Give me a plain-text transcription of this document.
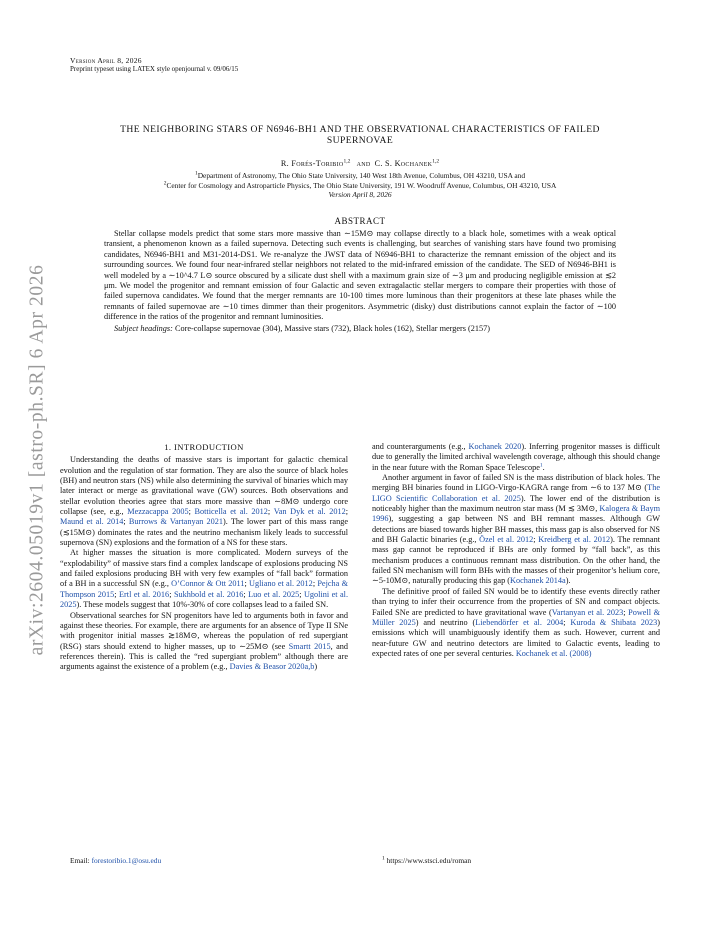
arXiv:2604.05019v1 [astro-ph.SR] 6 Apr 2026
Version April 8, 2026
Preprint typeset using LATEX style openjournal v. 09/06/15
THE NEIGHBORING STARS OF N6946-BH1 AND THE OBSERVATIONAL CHARACTERISTICS OF FAILED
SUPERNOVAE
R. Forés-Toribio$^{1,2}$ and C. S. Kochanek$^{1,2}$
$^1$Department of Astronomy, The Ohio State University, 140 West 18th Avenue, Columbus, OH 43210, USA and
$^2$Center for Cosmology and Astroparticle Physics, The Ohio State University, 191 W. Woodruff Avenue, Columbus, OH 43210, USA
Version April 8, 2026
ABSTRACT

Stellar collapse models predict that some stars more massive than ∼15M⊙ may collapse directly to a black hole, sometimes with a weak optical transient, a phenomenon known as a failed supernova. Detecting such events is challenging, but searches of vanishing stars have found two promising candidates, N6946-BH1 and M31-2014-DS1. We re-analyze the JWST data of N6946-BH1 to characterize the remnant emission of the object and its surrounding sources. We found four near-infrared stellar neighbors not related to the mid-infrared emission of the candidate. The SED of N6946-BH1 is well modeled by a ∼10^4.7 L⊙ source obscured by a silicate dust shell with a maximum grain size of ∼3 μm and producing negligible emission at ≲2 μm. We model the progenitor and remnant emission of four Galactic and seven extragalactic stellar mergers to compare their properties with those of failed supernova candidates. We found that the merger remnants are 10-100 times more luminous than their progenitors at these late phases while the remnants of failed supernovae are ∼10 times dimmer than their progenitors. Asymmetric (disky) dust distributions cannot explain the factor of ∼100 difference in the ratios of the progenitor and remnant luminosities.

Subject headings: Core-collapse supernovae (304), Massive stars (732), Black holes (162), Stellar mergers (2157)

1. INTRODUCTION

Understanding the deaths of massive stars is important for galactic chemical evolution and the regulation of star formation. They are also the source of black holes (BH) and neutron stars (NS) while also determining the survival of binaries which may later interact or merge as gravitational wave (GW) sources. Both observations and stellar evolution theories agree that stars more massive than ∼8M⊙ undergo core collapse (see, e.g., Mezzacappa 2005; Botticella et al. 2012; Van Dyk et al. 2012; Maund et al. 2014; Burrows & Vartanyan 2021). The lower part of this mass range (≲15M⊙) dominates the rates and the neutrino mechanism likely leads to successful supernova (SN) explosions and the formation of a NS for these stars.

At higher masses the situation is more complicated. Modern surveys of the “explodability” of massive stars find a complex landscape of explosions producing NS and failed explosions producing BH with very few examples of “fall back” formation of a BH in a successful SN (e.g., O’Connor & Ott 2011; Ugliano et al. 2012; Pejcha & Thompson 2015; Ertl et al. 2016; Sukhbold et al. 2016; Luo et al. 2025; Ugolini et al. 2025). These models suggest that 10%-30% of core collapses lead to a failed SN.

Observational searches for SN progenitors have led to arguments both in favor and against these theories. For example, there are arguments for an absence of Type II SNe with progenitor initial masses ≳18M⊙, whereas the population of red supergiant (RSG) stars should extend to higher masses, up to ∼25M⊙ (see Smartt 2015, and references therein). This is called the “red supergiant problem” although there are arguments against the existence of a problem (e.g., Davies & Beasor 2020a,b)

and counterarguments (e.g., Kochanek 2020). Inferring progenitor masses is difficult due to generally the limited archival wavelength coverage, although this should change in the near future with the Roman Space Telescope$^1$.

Another argument in favor of failed SN is the mass distribution of black holes. The merging BH binaries found in LIGO-Virgo-KAGRA range from ∼6 to 137 M⊙ (The LIGO Scientific Collaboration et al. 2025). The lower end of the distribution is noticeably higher than the maximum neutron star mass (M ≲ 3M⊙, Kalogera & Baym 1996), suggesting a gap between NS and BH remnant masses. Although GW detections are biased towards higher BH masses, this mass gap is also observed for NS and BH Galactic binaries (e.g., Özel et al. 2012; Kreidberg et al. 2012). The remnant mass gap cannot be reproduced if BHs are only formed by “fall back”, as this mechanism produces a continuous remnant mass distribution. On the other hand, the failed SN mechanism will form BHs with the masses of their progenitor’s helium core, ∼5-10M⊙, naturally producing this gap (Kochanek 2014a).

The definitive proof of failed SN would be to identify these events directly rather than trying to infer their occurrence from the properties of SN and compact objects. Failed SNe are predicted to have gravitational wave (Vartanyan et al. 2023; Powell & Müller 2025) and neutrino (Liebendörfer et al. 2004; Kuroda & Shibata 2023) emissions which will unambiguously identify them as such. However, current and near-future GW and neutrino detectors are limited to Galactic events, leading to expected rates of one per several centuries. Kochanek et al. (2008)

Email: forestoribio.1@osu.edu	$^1$ https://www.stsci.edu/roman
